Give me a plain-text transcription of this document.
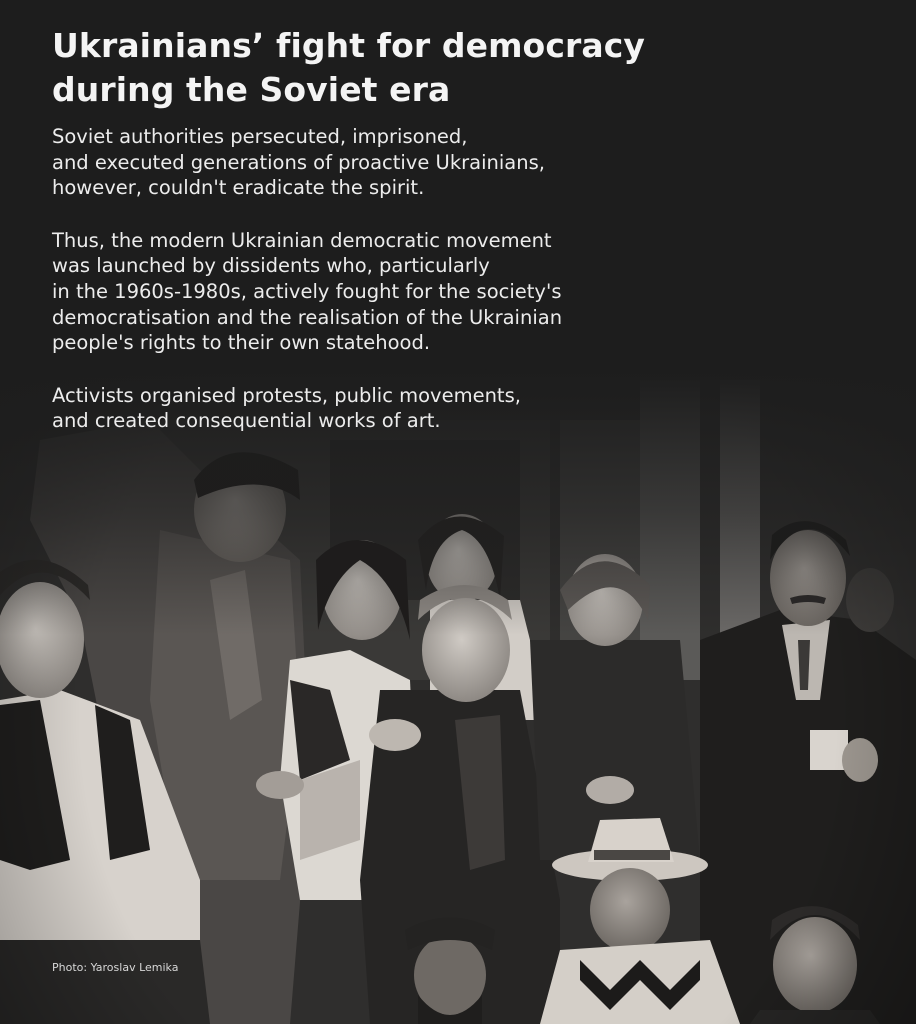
Ukrainians’ fight for democracy
during the Soviet era

Soviet authorities persecuted, imprisoned,
and executed generations of proactive Ukrainians,
however, couldn't eradicate the spirit.

Thus, the modern Ukrainian democratic movement
was launched by dissidents who, particularly
in the 1960s-1980s, actively fought for the society's
democratisation and the realisation of the Ukrainian
people's rights to their own statehood.

Activists organised protests, public movements,
and created consequential works of art.

Photo: Yaroslav Lemika
